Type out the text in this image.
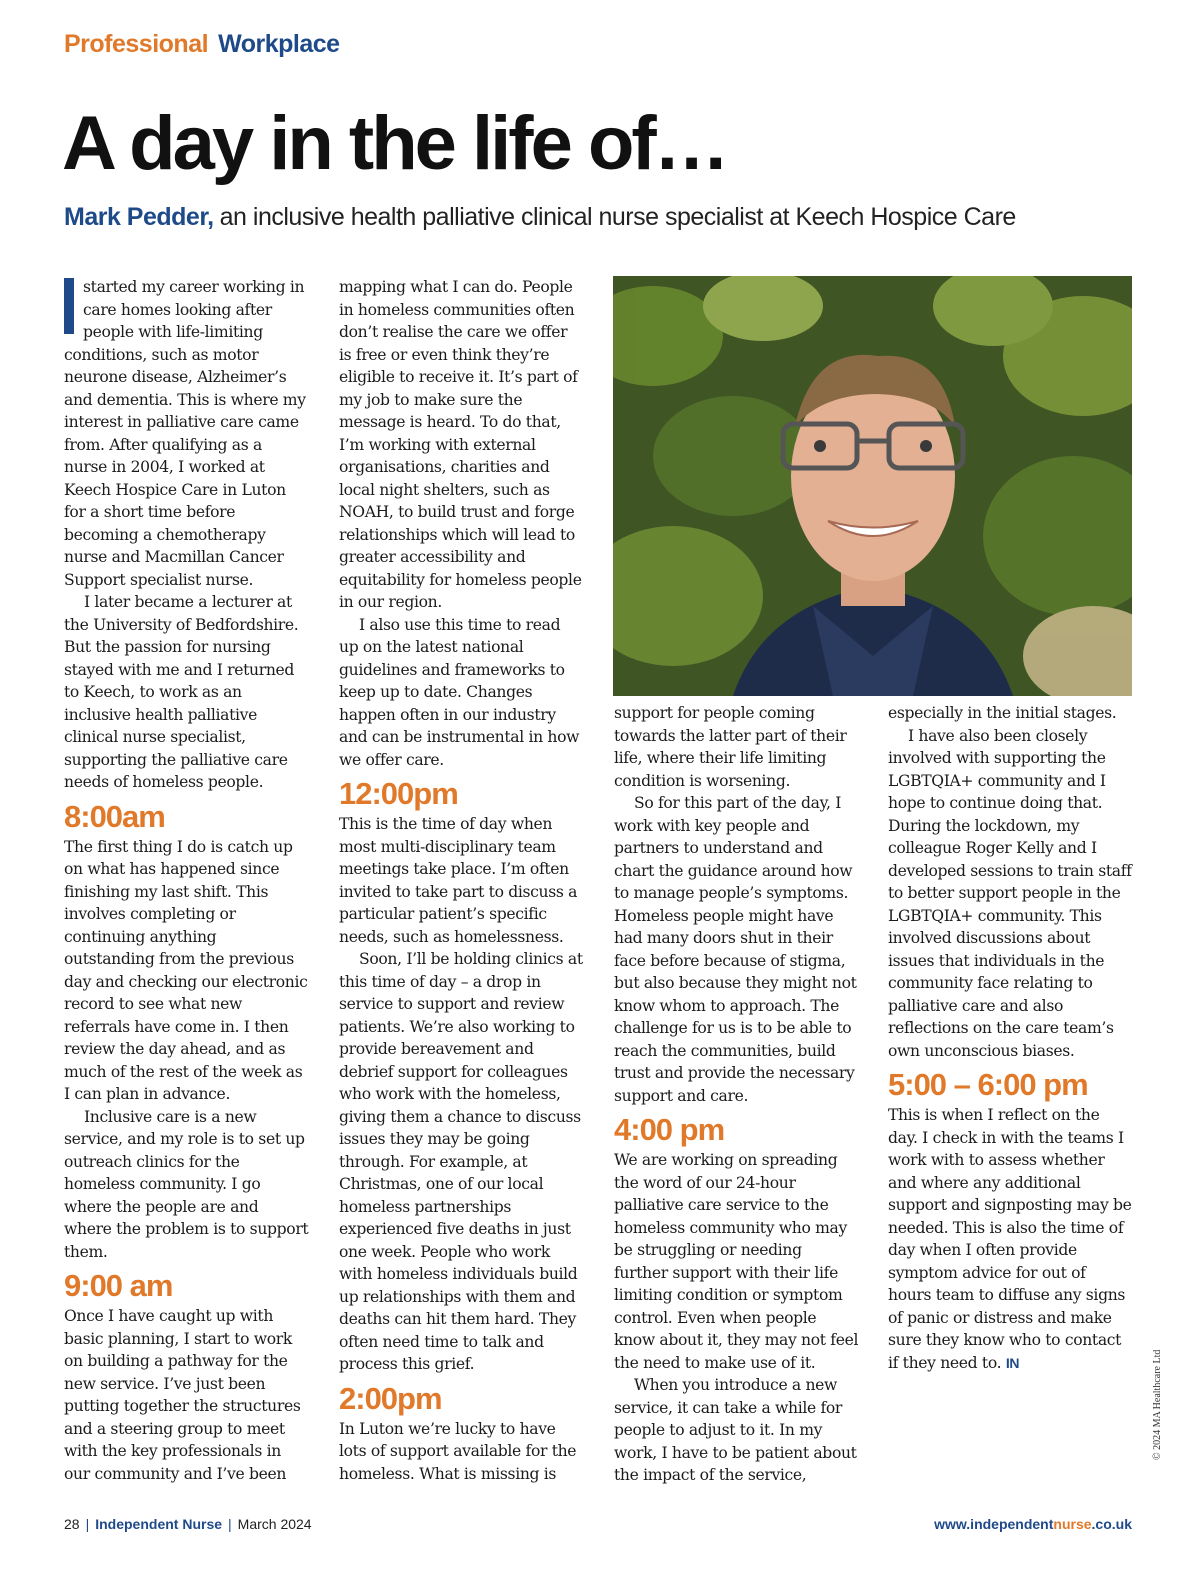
Professional Workplace
A day in the life of…
Mark Pedder, an inclusive health palliative clinical nurse specialist at Keech Hospice Care

started my career working in care homes looking after people with life-limiting conditions, such as motor neurone disease, Alzheimer’s and dementia. This is where my interest in palliative care came from. After qualifying as a nurse in 2004, I worked at Keech Hospice Care in Luton for a short time before becoming a chemotherapy nurse and Macmillan Cancer Support specialist nurse.

I later became a lecturer at the University of Bedfordshire. But the passion for nursing stayed with me and I returned to Keech, to work as an inclusive health palliative clinical nurse specialist, supporting the palliative care needs of homeless people.

8:00am

The first thing I do is catch up on what has happened since finishing my last shift. This involves completing or continuing anything outstanding from the previous day and checking our electronic record to see what new referrals have come in. I then review the day ahead, and as much of the rest of the week as I can plan in advance.

Inclusive care is a new service, and my role is to set up outreach clinics for the homeless community. I go where the people are and where the problem is to support them.

9:00 am

Once I have caught up with basic planning, I start to work on building a pathway for the new service. I’ve just been putting together the structures and a steering group to meet with the key professionals in our community and I’ve been

mapping what I can do. People in homeless communities often don’t realise the care we offer is free or even think they’re eligible to receive it. It’s part of my job to make sure the message is heard. To do that, I’m working with external organisations, charities and local night shelters, such as NOAH, to build trust and forge relationships which will lead to greater accessibility and equitability for homeless people in our region.

I also use this time to read up on the latest national guidelines and frameworks to keep up to date. Changes happen often in our industry and can be instrumental in how we offer care.

12:00pm

This is the time of day when most multi-disciplinary team meetings take place. I’m often invited to take part to discuss a particular patient’s specific needs, such as homelessness.

Soon, I’ll be holding clinics at this time of day – a drop in service to support and review patients. We’re also working to provide bereavement and debrief support for colleagues who work with the homeless, giving them a chance to discuss issues they may be going through. For example, at Christmas, one of our local homeless partnerships experienced five deaths in just one week. People who work with homeless individuals build up relationships with them and deaths can hit them hard. They often need time to talk and process this grief.

2:00pm

In Luton we’re lucky to have lots of support available for the homeless. What is missing is

support for people coming towards the latter part of their life, where their life limiting condition is worsening.

So for this part of the day, I work with key people and partners to understand and chart the guidance around how to manage people’s symptoms. Homeless people might have had many doors shut in their face before because of stigma, but also because they might not know whom to approach. The challenge for us is to be able to reach the communities, build trust and provide the necessary support and care.

4:00 pm

We are working on spreading the word of our 24-hour palliative care service to the homeless community who may be struggling or needing further support with their life limiting condition or symptom control. Even when people know about it, they may not feel the need to make use of it.

When you introduce a new service, it can take a while for people to adjust to it. In my work, I have to be patient about the impact of the service,

especially in the initial stages.

I have also been closely involved with supporting the LGBTQIA+ community and I hope to continue doing that. During the lockdown, my colleague Roger Kelly and I developed sessions to train staff to better support people in the LGBTQIA+ community. This involved discussions about issues that individuals in the community face relating to palliative care and also reflections on the care team’s own unconscious biases.

5:00 – 6:00 pm

This is when I reflect on the day. I check in with the teams I work with to assess whether and where any additional support and signposting may be needed. This is also the time of day when I often provide symptom advice for out of hours team to diffuse any signs of panic or distress and make sure they know who to contact if they need to. IN	© 2024 MA Healthcare Ltd
28 | Independent Nurse | March 2024	www.independentnurse.co.uk
